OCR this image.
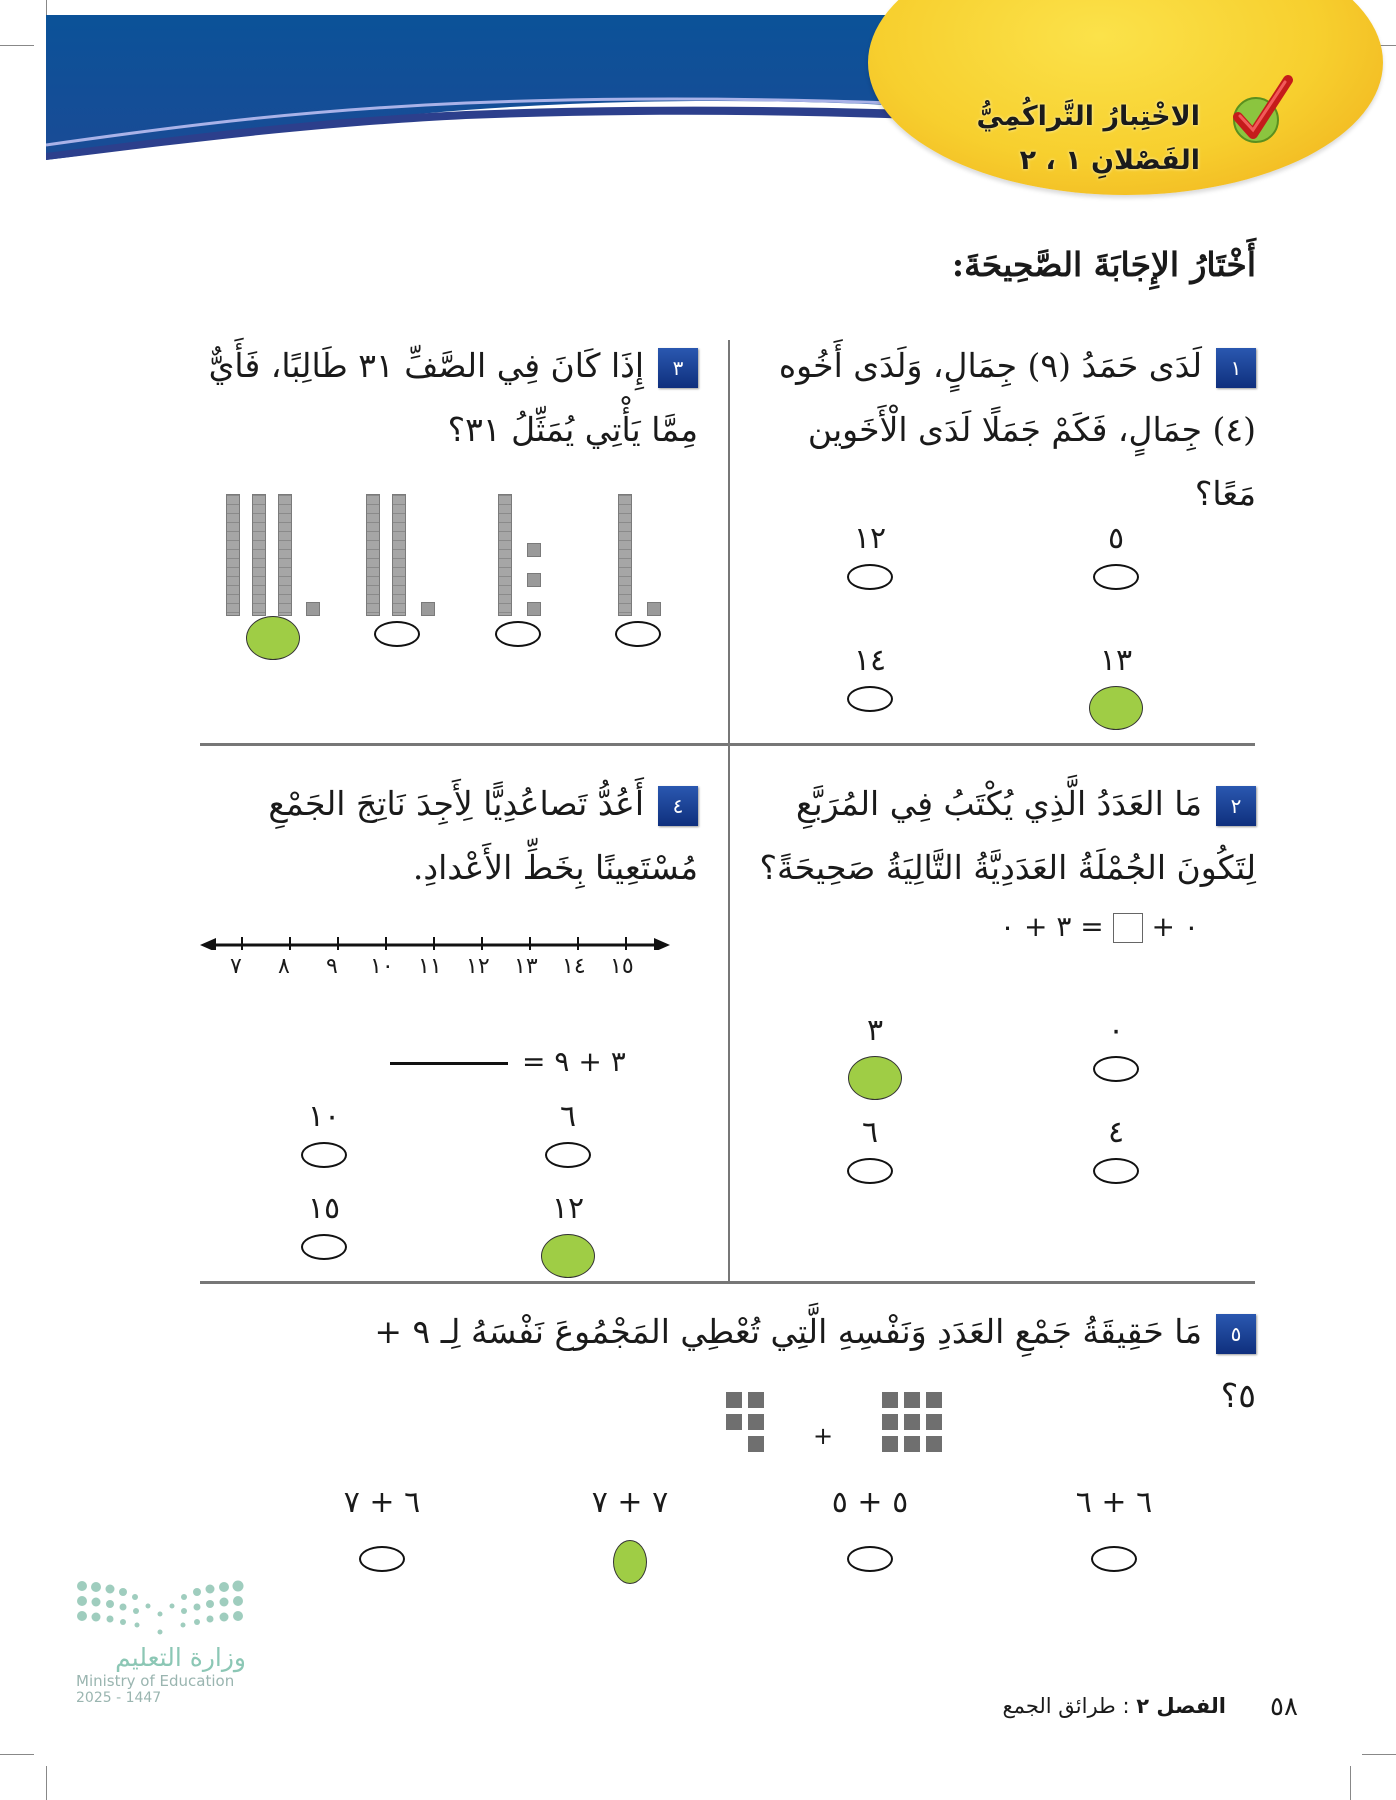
الاخْتِبارُ التَّراكُمِيُّ
الفَصْلانِ ١ ، ٢
أَخْتَارُ الإِجَابَةَ الصَّحِيحَةَ:
١لَدَى حَمَدُ (٩) جِمَالٍ، وَلَدَى أَخُوه (٤) جِمَالٍ، فَكَمْ جَمَلًا لَدَى الْأَخَوين مَعًا؟
٥
١٢
١٣
١٤
٣إِذَا كَانَ فِي الصَّفِّ ٣١ طَالِبًا، فَأَيٌّ مِمَّا يَأْتِي يُمَثِّلُ ٣١؟
٢مَا العَدَدُ الَّذِي يُكْتَبُ فِي المُرَبَّعِ لِتَكُونَ الجُمْلَةُ العَدَدِيَّةُ التَّالِيَةُ صَحِيحَةً؟
٠ +  = ٣ + ٠
٠
٣
٤
٦
٤أَعُدُّ تَصاعُدِيًّا لِأَجِدَ نَاتِجَ الجَمْعِ مُسْتَعِينًا بِخَطِّ الأَعْدادِ.
٧ ٨ ٩ ١٠ ١١ ١٢ ١٣ ١٤ ١٥
= ٣ + ٩
٦
١٠
١٢
١٥
٥مَا حَقِيقَةُ جَمْعِ العَدَدِ وَنَفْسِهِ الَّتِي تُعْطِي المَجْمُوعَ نَفْسَهُ لِـ ٩ + ٥؟
+
٦ + ٦
٥ + ٥
٧ + ٧
٦ + ٧
وزارة التعليم
Ministry of Education
2025 - 1447	٥٨
الفصل ٢ : طرائق الجمع
